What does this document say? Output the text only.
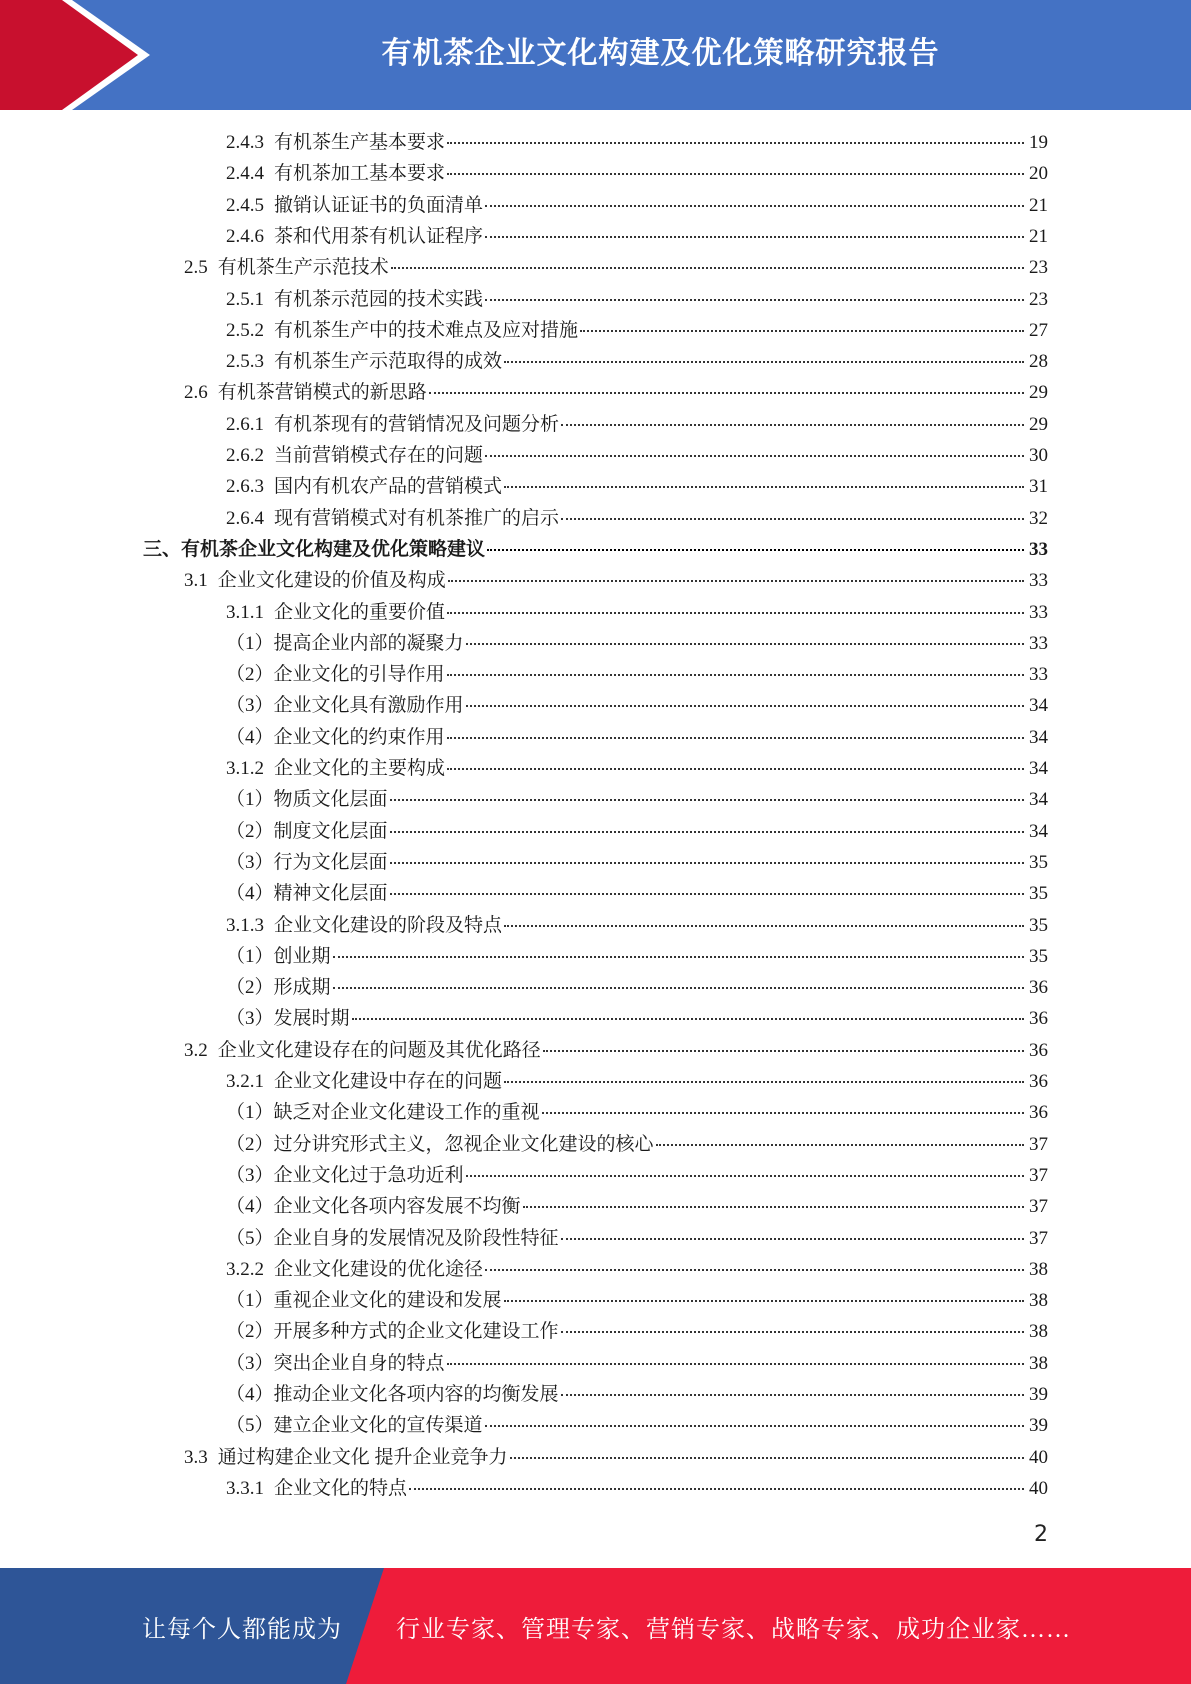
有机茶企业文化构建及优化策略研究报告
2.4.3 有机茶生产基本要求	19
2.4.4 有机茶加工基本要求	20
2.4.5 撤销认证证书的负面清单	21
2.4.6 茶和代用茶有机认证程序	21
2.5 有机茶生产示范技术	23
2.5.1 有机茶示范园的技术实践	23
2.5.2 有机茶生产中的技术难点及应对措施	27
2.5.3 有机茶生产示范取得的成效	28
2.6 有机茶营销模式的新思路	29
2.6.1 有机茶现有的营销情况及问题分析	29
2.6.2 当前营销模式存在的问题	30
2.6.3 国内有机农产品的营销模式	31
2.6.4 现有营销模式对有机茶推广的启示	32
三、有机茶企业文化构建及优化策略建议	33
3.1 企业文化建设的价值及构成	33
3.1.1 企业文化的重要价值	33
（1）提高企业内部的凝聚力	33
（2）企业文化的引导作用	33
（3）企业文化具有激励作用	34
（4）企业文化的约束作用	34
3.1.2 企业文化的主要构成	34
（1）物质文化层面	34
（2）制度文化层面	34
（3）行为文化层面	35
（4）精神文化层面	35
3.1.3 企业文化建设的阶段及特点	35
（1）创业期	35
（2）形成期	36
（3）发展时期	36
3.2 企业文化建设存在的问题及其优化路径	36
3.2.1 企业文化建设中存在的问题	36
（1）缺乏对企业文化建设工作的重视	36
（2）过分讲究形式主义，忽视企业文化建设的核心	37
（3）企业文化过于急功近利	37
（4）企业文化各项内容发展不均衡	37
（5）企业自身的发展情况及阶段性特征	37
3.2.2 企业文化建设的优化途径	38
（1）重视企业文化的建设和发展	38
（2）开展多种方式的企业文化建设工作	38
（3）突出企业自身的特点	38
（4）推动企业文化各项内容的均衡发展	39
（5）建立企业文化的宣传渠道	39
3.3 通过构建企业文化 提升企业竞争力	40
3.3.1 企业文化的特点	40
2
让每个人都能成为 行业专家、管理专家、营销专家、战略专家、成功企业家……
